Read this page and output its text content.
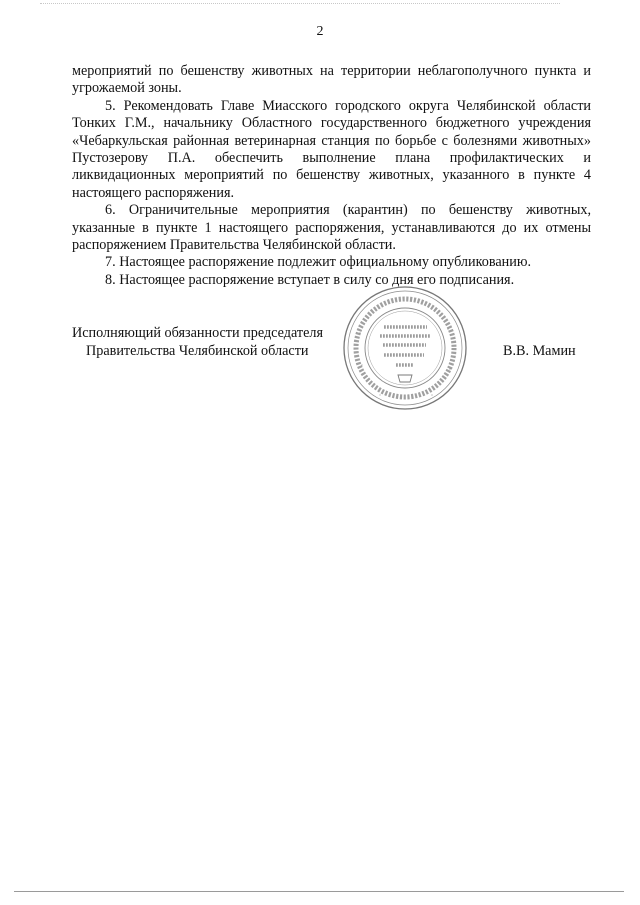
2

мероприятий по бешенству животных на территории неблагополучного пункта и угрожаемой зоны.

5. Рекомендовать Главе Миасского городского округа Челябинской области Тонких Г.М., начальнику Областного государственного бюджетного учреждения «Чебаркульская районная ветеринарная станция по борьбе с болезнями животных» Пустозерову П.А. обеспечить выполнение плана профилактических и ликвидационных мероприятий по бешенству животных, указанного в пункте 4 настоящего распоряжения.

6. Ограничительные мероприятия (карантин) по бешенству животных, указанные в пункте 1 настоящего распоряжения, устанавливаются до их отмены распоряжением Правительства Челябинской области.

7. Настоящее распоряжение подлежит официальному опубликованию.

8. Настоящее распоряжение вступает в силу со дня его подписания.

Исполняющий обязанности председателя
Правительства Челябинской области	В.В. Мамин
